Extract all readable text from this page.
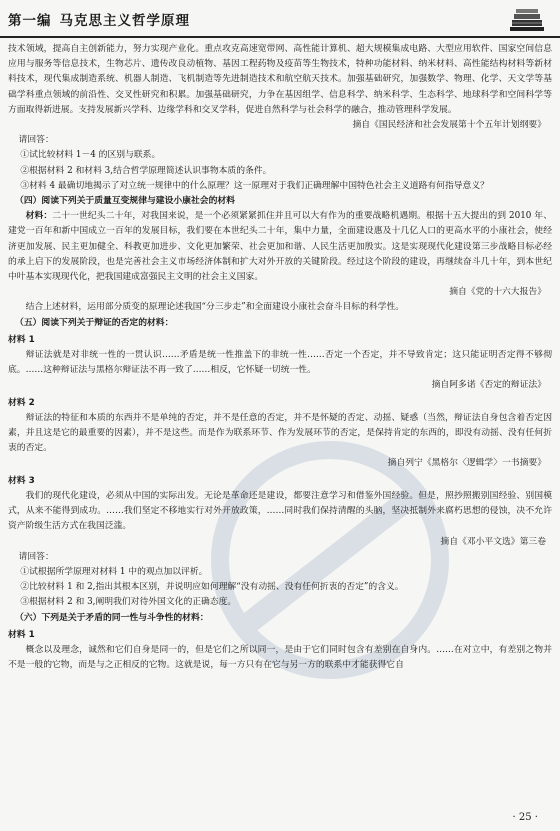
第一编 马克思主义哲学原理

技术领域，提高自主创新能力，努力实现产业化。重点攻克高速宽带网、高性能计算机、超大规模集成电路、大型应用软件、国家空间信息应用与服务等信息技术，生物芯片、遗传改良动植物、基因工程药物及疫苗等生物技术，特种功能材料、纳米材料、高性能结构材料等新材料技术，现代集成制造系统、机器人制造、飞机制造等先进制造技术和航空航天技术。加强基础研究，加强数学、物理、化学、天文学等基础学科重点领域的前沿性、交叉性研究和积累。加强基础研究，力争在基因组学、信息科学、纳米科学、生态科学、地球科学和空间科学等方面取得新进展。支持发展新兴学科、边缘学科和交叉学科，促进自然科学与社会科学的融合，推动管理科学发展。

摘自《国民经济和社会发展第十个五年计划纲要》

请回答：

①试比较材料 1－4 的区别与联系。

②根据材料 2 和材料 3,结合哲学原理简述认识事物本质的条件。

③材料 4 最确切地揭示了对立统一规律中的什么原理？这一原理对于我们正确理解中国特色社会主义道路有何指导意义？

（四）阅读下列关于质量互变规律与建设小康社会的材料

材料：二十一世纪头二十年，对我国来说，是一个必须紧紧抓住并且可以大有作为的重要战略机遇期。根据十五大提出的到 2010 年、建党一百年和新中国成立一百年的发展目标，我们要在本世纪头二十年，集中力量，全面建设惠及十几亿人口的更高水平的小康社会，使经济更加发展、民主更加健全、科教更加进步、文化更加繁荣、社会更加和谐、人民生活更加殷实。这是实现现代化建设第三步战略目标必经的承上启下的发展阶段，也是完善社会主义市场经济体制和扩大对外开放的关键阶段。经过这个阶段的建设，再继续奋斗几十年，到本世纪中叶基本实现现代化，把我国建成富强民主文明的社会主义国家。

摘自《党的十六大报告》

结合上述材料，运用部分质变的原理论述我国“分三步走”和全面建设小康社会奋斗目标的科学性。

（五）阅读下列关于辩证的否定的材料：

材料 1

辩证法就是对非统一性的一贯认识……矛盾是统一性推盖下的非统一性……否定一个否定，并不导致肯定；这只能证明否定得不够彻底。……这种辩证法与黑格尔辩证法不再一致了……相反，它怀疑一切统一性。

摘自阿多诺《否定的辩证法》

材料 2

辩证法的特征和本质的东西并不是单纯的否定，并不是任意的否定，并不是怀疑的否定、动摇、疑惑（当然，辩证法自身包含着否定因素，并且这是它的最重要的因素），并不是这些。而是作为联系环节、作为发展环节的否定，是保持肯定的东西的，即没有动摇、没有任何折衷的否定。

摘自列宁《黑格尔〈逻辑学〉一书摘要》

材料 3

我们的现代化建设，必须从中国的实际出发。无论是革命还是建设，都要注意学习和借鉴外国经验。但是，照抄照搬别国经验、别国模式，从来不能得到成功。……我们坚定不移地实行对外开放政策，……同时我们保持清醒的头脑，坚决抵制外来腐朽思想的侵蚀，决不允许资产阶级生活方式在我国泛滥。

摘自《邓小平文选》第三卷

请回答：

①试根据所学原理对材料 1 中的观点加以评析。

②比较材料 1 和 2,指出其根本区别，并说明应如何理解“没有动摇、没有任何折衷的否定”的含义。

③根据材料 2 和 3,阐明我们对待外国文化的正确态度。

（六）下列是关于矛盾的同一性与斗争性的材料：

材料 1

概念以及理念，诚然和它们自身是同一的，但是它们之所以同一，是由于它们同时包含有差别在自身内。……在对立中，有差别之物并不是一般的它物，而是与之正相反的它物。这就是说，每一方只有在它与另一方的联系中才能获得它自

· 25 ·
